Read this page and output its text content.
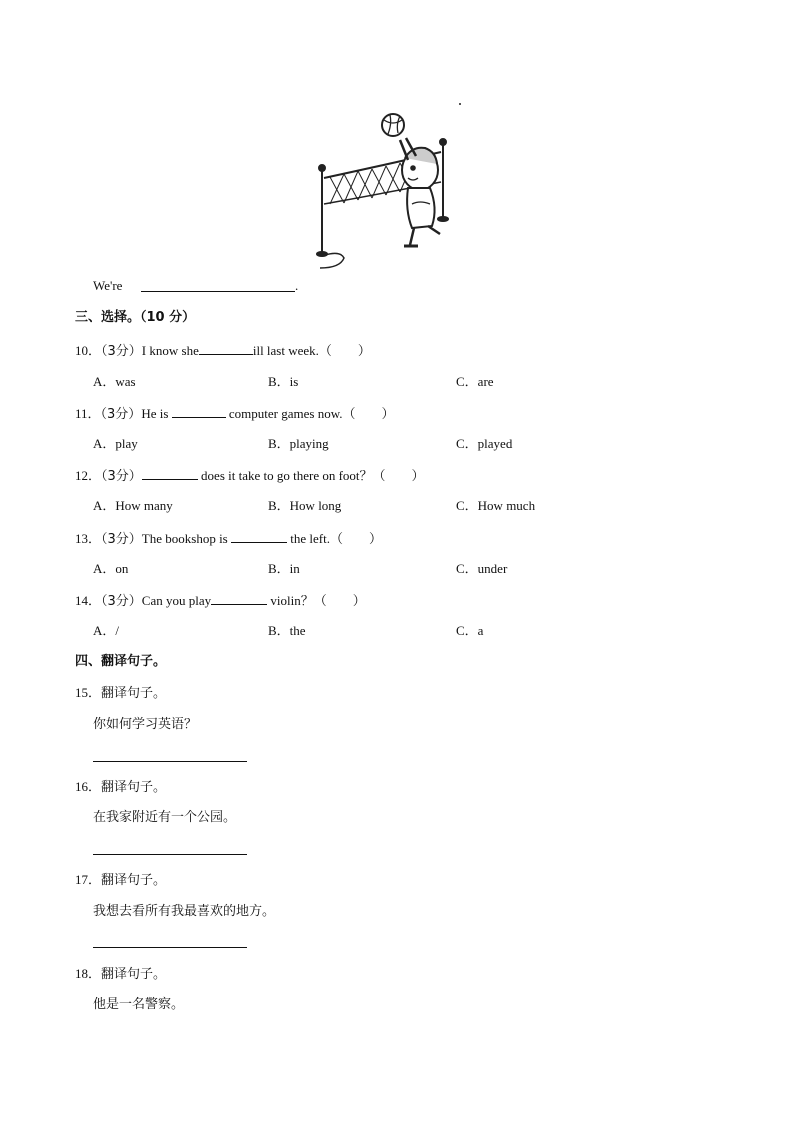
We're	.
三、选择。（10 分）
10．（3分）I know she	ill last week.（　　）
A．was	B．is	C．are
11．（3分）He is	computer games now.（　　）
A．play	B．playing	C．played
12．（3分）	does it take to go there on foot？（　　）
A．How many	B．How long	C．How much
13．（3分）The bookshop is	the left.（　　）
A．on	B．in	C．under
14．（3分）Can you play	violin？（　　）
A．/	B．the	C．a
四、翻译句子。
15．翻译句子。
你如何学习英语？
16．翻译句子。
在我家附近有一个公园。
17．翻译句子。
我想去看所有我最喜欢的地方。
18．翻译句子。
他是一名警察。
